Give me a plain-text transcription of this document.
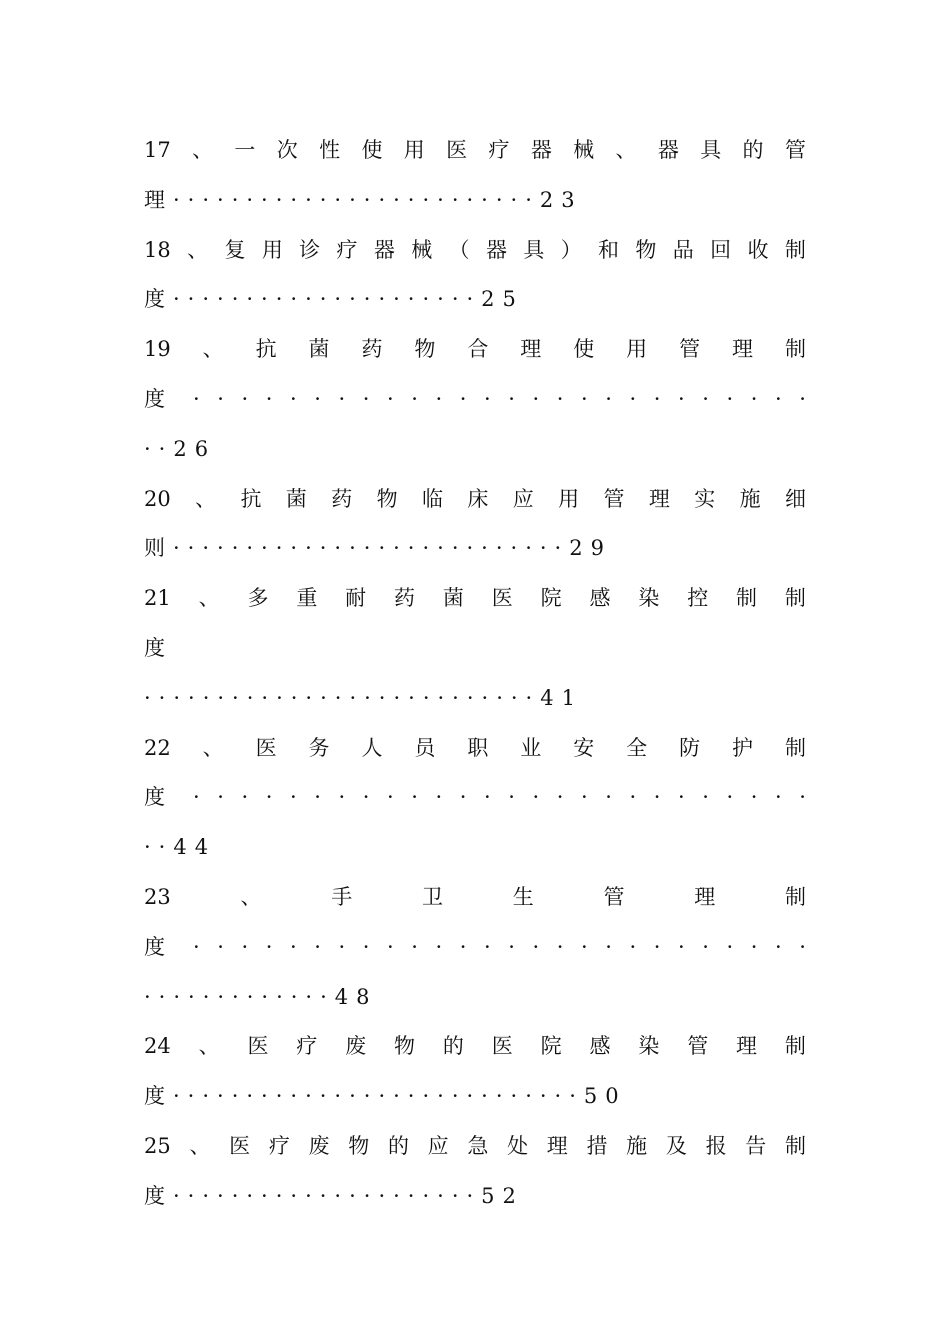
17 、 一 次 性 使 用 医 疗 器 械 、 器 具 的 管
理·························23
18 、 复 用 诊 疗 器 械 （ 器 具 ） 和 物 品 回 收 制
度·····················25
19 、 抗 菌 药 物 合 理 使 用 管 理 制
度 · · · · · · · · · · · · · · · · · · · · · · · · · ·
··26
20 、 抗 菌 药 物 临 床 应 用 管 理 实 施 细
则···························29
21 、 多 重 耐 药 菌 医 院 感 染 控 制 制
度
···························41
22 、 医 务 人 员 职 业 安 全 防 护 制
度 · · · · · · · · · · · · · · · · · · · · · · · · · ·
··44
23	、	手	卫	生	管	理	制
度 · · · · · · · · · · · · · · · · · · · · · · · · · ·
·············48
24 、 医 疗 废 物 的 医 院 感 染 管 理 制
度····························50
25 、 医 疗 废 物 的 应 急 处 理 措 施 及 报 告 制
度·····················52
